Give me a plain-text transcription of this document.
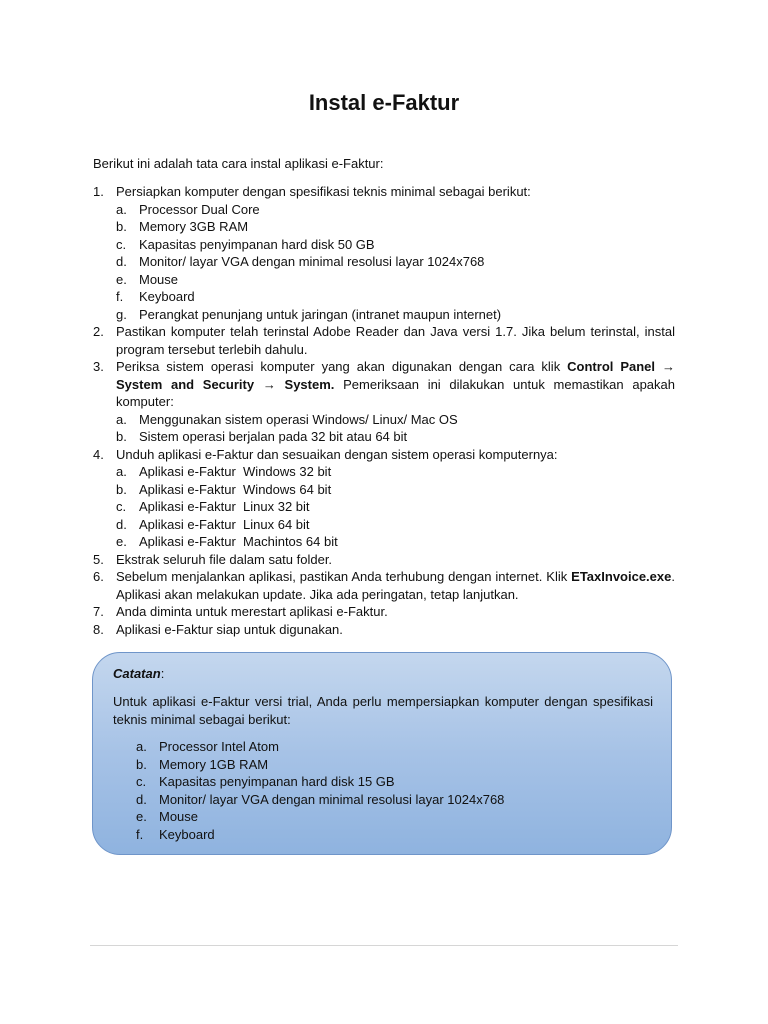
Instal e-Faktur
Berikut ini adalah tata cara instal aplikasi e-Faktur:
1. Persiapkan komputer dengan spesifikasi teknis minimal sebagai berikut:
a. Processor Dual Core
b. Memory 3GB RAM
c. Kapasitas penyimpanan hard disk 50 GB
d. Monitor/ layar VGA dengan minimal resolusi layar 1024x768
e. Mouse
f. Keyboard
g. Perangkat penunjang untuk jaringan (intranet maupun internet)
2. Pastikan komputer telah terinstal Adobe Reader dan Java versi 1.7. Jika belum terinstal, instal program tersebut terlebih dahulu.
3. Periksa sistem operasi komputer yang akan digunakan dengan cara klik Control Panel → System and Security → System. Pemeriksaan ini dilakukan untuk memastikan apakah komputer:
a. Menggunakan sistem operasi Windows/ Linux/ Mac OS
b. Sistem operasi berjalan pada 32 bit atau 64 bit
4. Unduh aplikasi e-Faktur dan sesuaikan dengan sistem operasi komputernya:
a. Aplikasi e-Faktur  Windows 32 bit
b. Aplikasi e-Faktur  Windows 64 bit
c. Aplikasi e-Faktur  Linux 32 bit
d. Aplikasi e-Faktur  Linux 64 bit
e. Aplikasi e-Faktur  Machintos 64 bit
5. Ekstrak seluruh file dalam satu folder.
6. Sebelum menjalankan aplikasi, pastikan Anda terhubung dengan internet. Klik ETaxInvoice.exe. Aplikasi akan melakukan update. Jika ada peringatan, tetap lanjutkan.
7. Anda diminta untuk merestart aplikasi e-Faktur.
8. Aplikasi e-Faktur siap untuk digunakan.
Catatan:
Untuk aplikasi e-Faktur versi trial, Anda perlu mempersiapkan komputer dengan spesifikasi teknis minimal sebagai berikut:
a. Processor Intel Atom
b. Memory 1GB RAM
c. Kapasitas penyimpanan hard disk 15 GB
d. Monitor/ layar VGA dengan minimal resolusi layar 1024x768
e. Mouse
f. Keyboard
